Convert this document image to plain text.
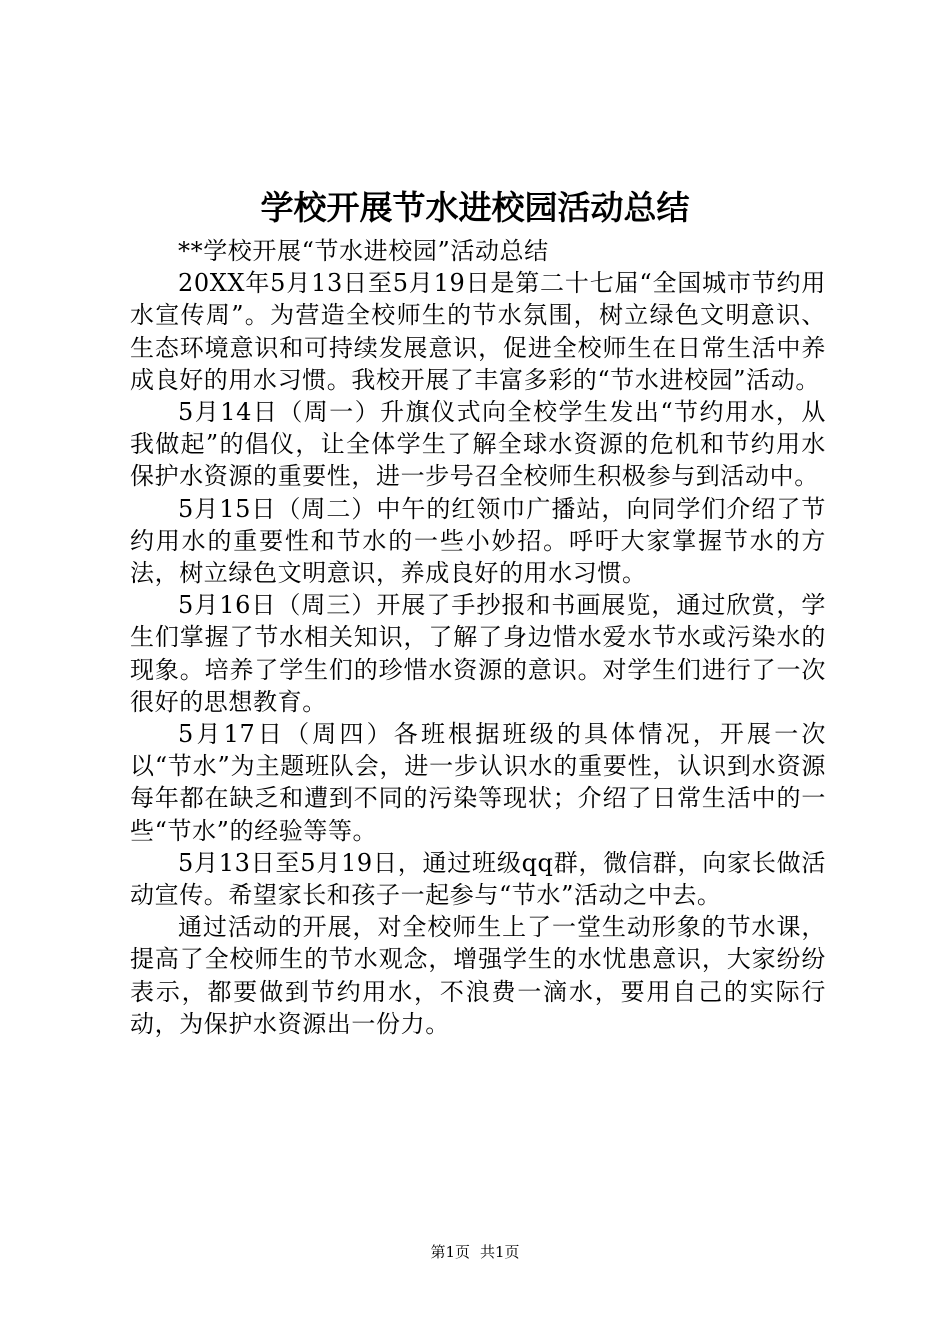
学校开展节水进校园活动总结

**学校开展“节水进校园”活动总结

20XX年5月13日至5月19日是第二十七届“全国城市节约用水宣传周”。为营造全校师生的节水氛围，树立绿色文明意识、生态环境意识和可持续发展意识，促进全校师生在日常生活中养成良好的用水习惯。我校开展了丰富多彩的“节水进校园”活动。

5月14日（周一）升旗仪式向全校学生发出“节约用水，从我做起”的倡仪，让全体学生了解全球水资源的危机和节约用水保护水资源的重要性，进一步号召全校师生积极参与到活动中。

5月15日（周二）中午的红领巾广播站，向同学们介绍了节约用水的重要性和节水的一些小妙招。呼吁大家掌握节水的方法，树立绿色文明意识，养成良好的用水习惯。

5月16日（周三）开展了手抄报和书画展览，通过欣赏，学生们掌握了节水相关知识，了解了身边惜水爱水节水或污染水的现象。培养了学生们的珍惜水资源的意识。对学生们进行了一次很好的思想教育。

5月17日（周四）各班根据班级的具体情况，开展一次以“节水”为主题班队会，进一步认识水的重要性，认识到水资源每年都在缺乏和遭到不同的污染等现状；介绍了日常生活中的一些“节水”的经验等等。

5月13日至5月19日，通过班级qq群，微信群，向家长做活动宣传。希望家长和孩子一起参与“节水”活动之中去。

通过活动的开展，对全校师生上了一堂生动形象的节水课，提高了全校师生的节水观念，增强学生的水忧患意识，大家纷纷表示，都要做到节约用水，不浪费一滴水，要用自己的实际行动，为保护水资源出一份力。

第1页 共1页
